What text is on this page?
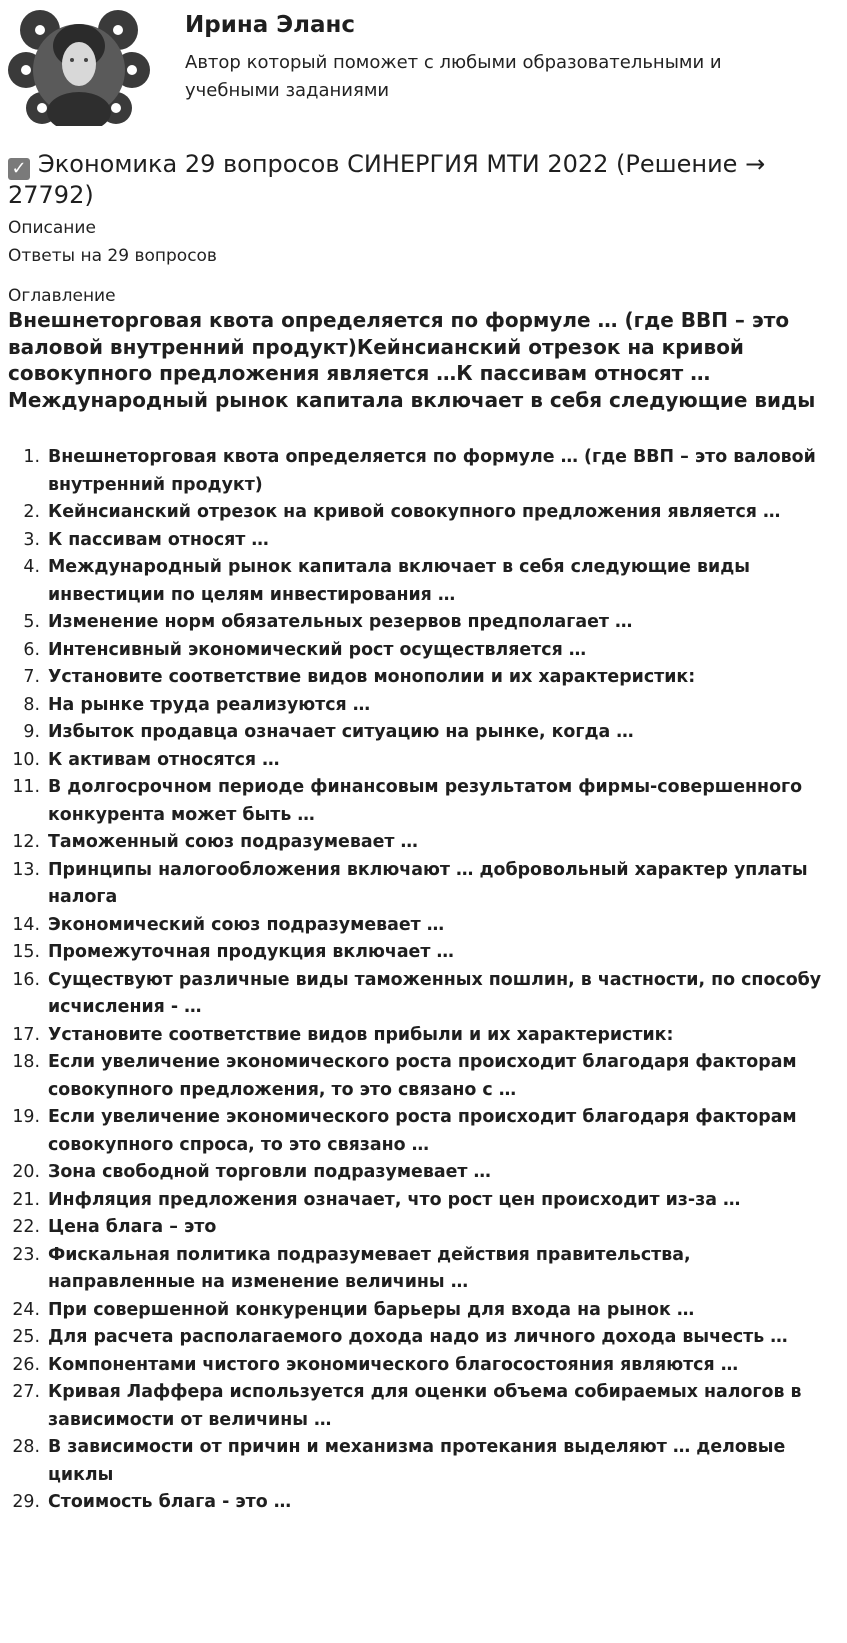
Ирина Эланс

Автор который поможет с любыми образовательными и учебными заданиями

✓ Экономика 29 вопросов СИНЕРГИЯ МТИ 2022 (Решение → 27792)
Описание
Ответы на 29 вопросов
Оглавление
Внешнеторговая квота определяется по формуле … (где ВВП – это валовой внутренний продукт)Кейнсианский отрезок на кривой совокупного предложения является …К пассивам относят …Международный рынок капитала включает в себя следующие виды
1. Внешнеторговая квота определяется по формуле … (где ВВП – это валовой внутренний продукт)
2. Кейнсианский отрезок на кривой совокупного предложения является …
3. К пассивам относят …
4. Международный рынок капитала включает в себя следующие виды инвестиции по целям инвестирования …
5. Изменение норм обязательных резервов предполагает …
6. Интенсивный экономический рост осуществляется …
7. Установите соответствие видов монополии и их характеристик:
8. На рынке труда реализуются …
9. Избыток продавца означает ситуацию на рынке, когда …
10. К активам относятся …
11. В долгосрочном периоде финансовым результатом фирмы-совершенного конкурента может быть …
12. Таможенный союз подразумевает …
13. Принципы налогообложения включают … добровольный характер уплаты налога
14. Экономический союз подразумевает …
15. Промежуточная продукция включает …
16. Существуют различные виды таможенных пошлин, в частности, по способу исчисления - …
17. Установите соответствие видов прибыли и их характеристик:
18. Если увеличение экономического роста происходит благодаря факторам совокупного предложения, то это связано с …
19. Если увеличение экономического роста происходит благодаря факторам совокупного спроса, то это связано …
20. Зона свободной торговли подразумевает …
21. Инфляция предложения означает, что рост цен происходит из-за …
22. Цена блага – это
23. Фискальная политика подразумевает действия правительства, направленные на изменение величины …
24. При совершенной конкуренции барьеры для входа на рынок …
25. Для расчета располагаемого дохода надо из личного дохода вычесть …
26. Компонентами чистого экономического благосостояния являются …
27. Кривая Лаффера используется для оценки объема собираемых налогов в зависимости от величины …
28. В зависимости от причин и механизма протекания выделяют … деловые циклы
29. Стоимость блага - это …
